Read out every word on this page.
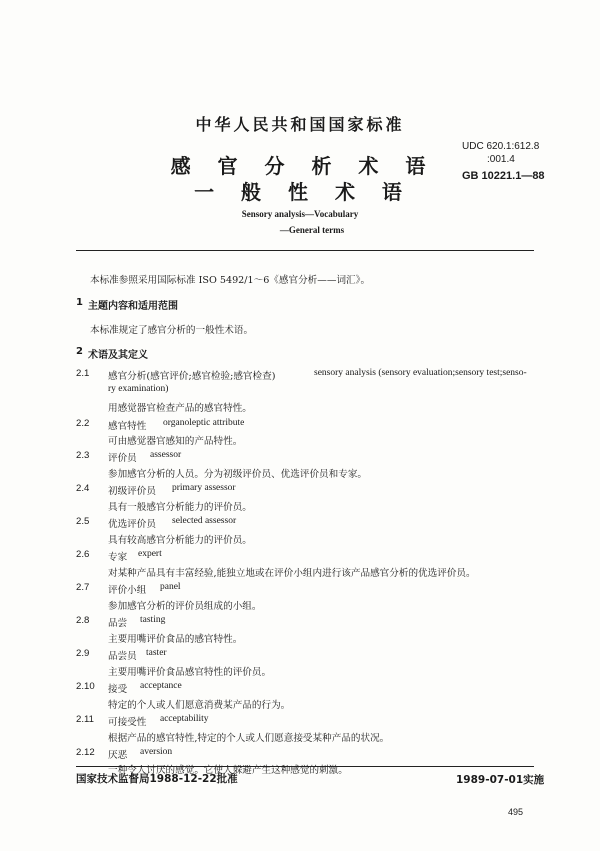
中华人民共和国国家标准
UDC 620.1:612.8
:001.4
GB 10221.1—88
感 官 分 析 术 语
一 般 性 术 语
Sensory analysis—Vocabulary
—General terms
本标准参照采用国际标准 ISO 5492/1～6《感官分析——词汇》。
1 主题内容和适用范围
本标准规定了感官分析的一般性术语。
2 术语及其定义
2.1 感官分析(感官评价;感官检验;感官检查)	sensory analysis (sensory evaluation;sensory test;senso-
ry examination)
用感觉器官检查产品的感官特性。
2.2 感官特性 organoleptic attribute
可由感觉器官感知的产品特性。
2.3 评价员 assessor
参加感官分析的人员。分为初级评价员、优选评价员和专家。
2.4 初级评价员 primary assessor
具有一般感官分析能力的评价员。
2.5 优选评价员 selected assessor
具有较高感官分析能力的评价员。
2.6 专家 expert
对某种产品具有丰富经验,能独立地或在评价小组内进行该产品感官分析的优选评价员。
2.7 评价小组 panel
参加感官分析的评价员组成的小组。
2.8 品尝 tasting
主要用嘴评价食品的感官特性。
2.9 品尝员 taster
主要用嘴评价食品感官特性的评价员。
2.10 接受 acceptance
特定的个人或人们愿意消费某产品的行为。
2.11 可接受性 acceptability
根据产品的感官特性,特定的个人或人们愿意接受某种产品的状况。
2.12 厌恶 aversion
一种令人讨厌的感觉。它使人躲避产生这种感觉的刺激。
国家技术监督局1988-12-22批准	1989-07-01实施
495
